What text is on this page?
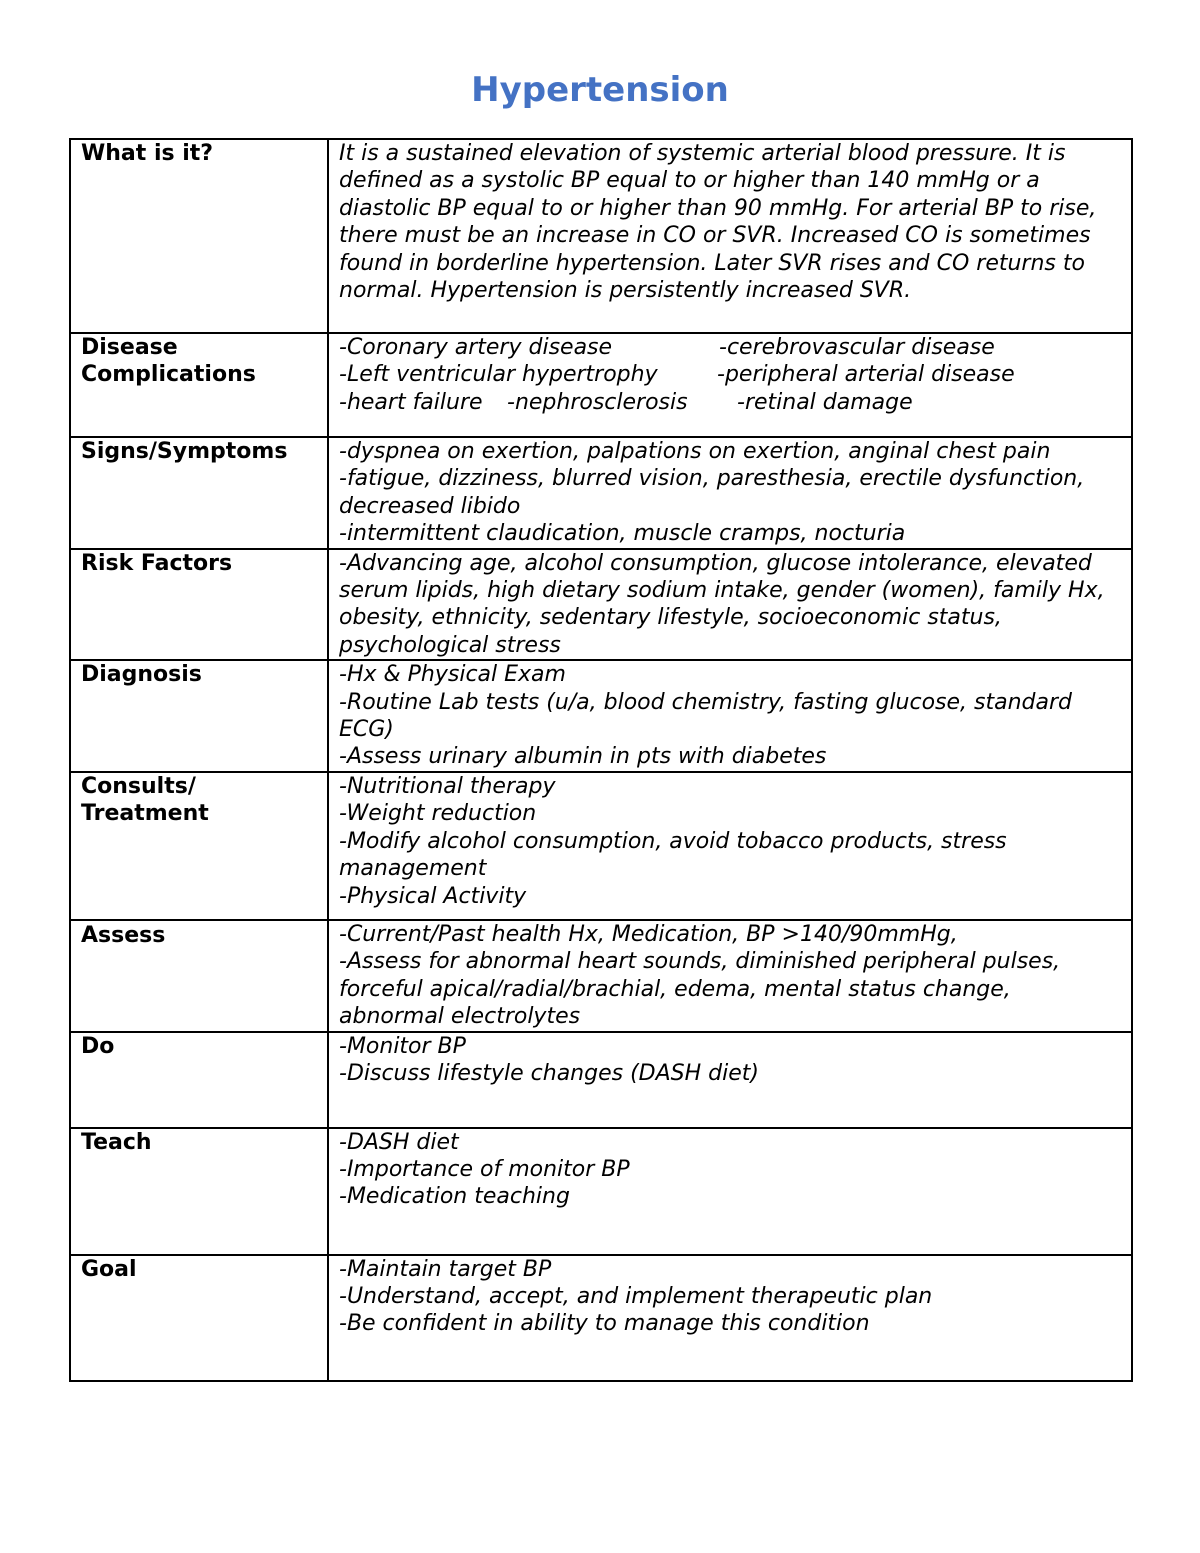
Hypertension
What is it?	It is a sustained elevation of systemic arterial blood pressure. It is defined as a systolic BP equal to or higher than 140 mmHg or a diastolic BP equal to or higher than 90 mmHg. For arterial BP to rise, there must be an increase in CO or SVR. Increased CO is sometimes found in borderline hypertension. Later SVR rises and CO returns to normal. Hypertension is persistently increased SVR.

Disease Complications	-Coronary artery disease -cerebrovascular disease
-Left ventricular hypertrophy -peripheral arterial disease
-heart failure -nephrosclerosis -retinal damage

Signs/Symptoms	-dyspnea on exertion, palpations on exertion, anginal chest pain
-fatigue, dizziness, blurred vision, paresthesia, erectile dysfunction, decreased libido
-intermittent claudication, muscle cramps, nocturia

Risk Factors	-Advancing age, alcohol consumption, glucose intolerance, elevated serum lipids, high dietary sodium intake, gender (women), family Hx, obesity, ethnicity, sedentary lifestyle, socioeconomic status, psychological stress

Diagnosis	-Hx & Physical Exam
-Routine Lab tests (u/a, blood chemistry, fasting glucose, standard ECG)
-Assess urinary albumin in pts with diabetes

Consults/
Treatment	-Nutritional therapy
-Weight reduction
-Modify alcohol consumption, avoid tobacco products, stress management
-Physical Activity

Assess	-Current/Past health Hx, Medication, BP >140/90mmHg,
-Assess for abnormal heart sounds, diminished peripheral pulses, forceful apical/radial/brachial, edema, mental status change, abnormal electrolytes

Do	-Monitor BP
-Discuss lifestyle changes (DASH diet)

Teach	-DASH diet
-Importance of monitor BP
-Medication teaching

Goal	-Maintain target BP
-Understand, accept, and implement therapeutic plan
-Be confident in ability to manage this condition
